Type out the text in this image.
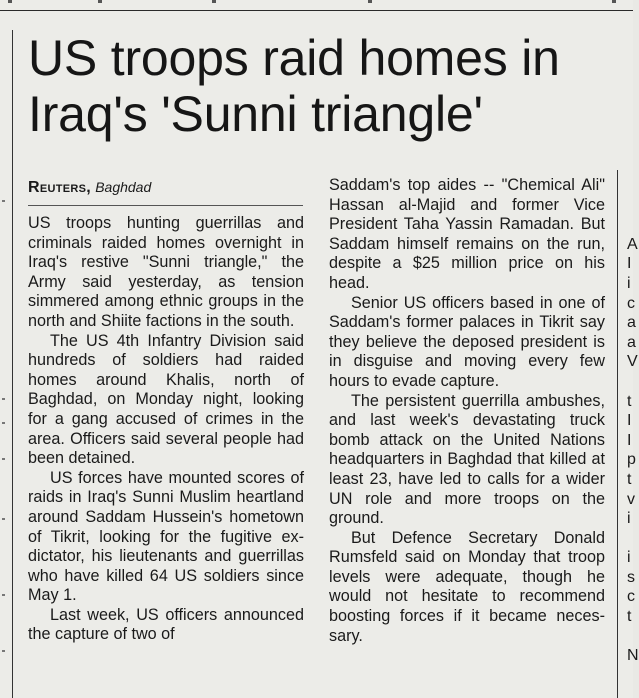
US troops raid homes in
Iraq's 'Sunni triangle'
Reuters, Baghdad

US troops hunting guerrillas and criminals raided homes overnight in Iraq's restive "Sunni triangle," the Army said yesterday, as tension simmered among ethnic groups in the north and Shiite factions in the south.

The US 4th Infantry Division said hundreds of soldiers had raided homes around Khalis, north of Baghdad, on Monday night, looking for a gang accused of crimes in the area. Officers said several people had been detained.

US forces have mounted scores of raids in Iraq's Sunni Muslim heartland around Saddam Hussein's hometown of Tikrit, looking for the fugitive ex-dictator, his lieutenants and guerrillas who have killed 64 US soldiers since May 1.

Last week, US officers announced the capture of two of

Saddam's top aides -- "Chemical Ali" Hassan al-Majid and former Vice President Taha Yassin Ramadan. But Saddam himself remains on the run, despite a $25 million price on his head.

Senior US officers based in one of Saddam's former palaces in Tikrit say they believe the deposed president is in disguise and moving every few hours to evade capture.

The persistent guerrilla ambushes, and last week's devastating truck bomb attack on the United Nations headquarters in Baghdad that killed at least 23, have led to calls for a wider UN role and more troops on the ground.

But Defence Secretary Donald Rumsfeld said on Monday that troop levels were adequate, though he would not hesitate to recommend boosting forces if it became necessary.

A
I
i
c
a
a
V

t
I
I
p
t
v
i

i
s
c
t

N
